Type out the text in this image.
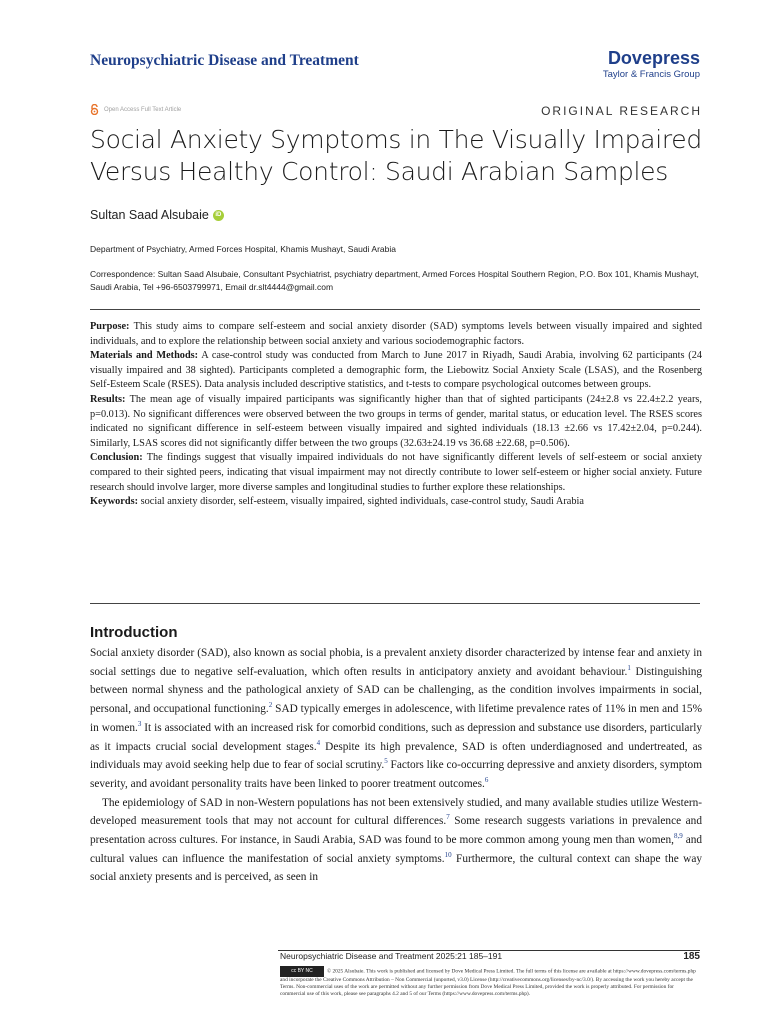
Neuropsychiatric Disease and Treatment	Dovepress
Taylor & Francis Group
Open Access Full Text Article	ORIGINAL RESEARCH
Social Anxiety Symptoms in The Visually Impaired Versus Healthy Control: Saudi Arabian Samples
Sultan Saad Alsubaie	iD
Department of Psychiatry, Armed Forces Hospital, Khamis Mushayt, Saudi Arabia
Correspondence: Sultan Saad Alsubaie, Consultant Psychiatrist, psychiatry department, Armed Forces Hospital Southern Region, P.O. Box 101, Khamis Mushayt, Saudi Arabia, Tel +96-6503799971, Email dr.slt4444@gmail.com

Purpose: This study aims to compare self-esteem and social anxiety disorder (SAD) symptoms levels between visually impaired and sighted individuals, and to explore the relationship between social anxiety and various sociodemographic factors.

Materials and Methods: A case-control study was conducted from March to June 2017 in Riyadh, Saudi Arabia, involving 62 participants (24 visually impaired and 38 sighted). Participants completed a demographic form, the Liebowitz Social Anxiety Scale (LSAS), and the Rosenberg Self-Esteem Scale (RSES). Data analysis included descriptive statistics, and t-tests to compare psychological outcomes between groups.

Results: The mean age of visually impaired participants was significantly higher than that of sighted participants (24±2.8 vs 22.4±2.2 years, p=0.013). No significant differences were observed between the two groups in terms of gender, marital status, or education level. The RSES scores indicated no significant difference in self-esteem between visually impaired and sighted individuals (18.13 ±2.66 vs 17.42±2.04, p=0.244). Similarly, LSAS scores did not significantly differ between the two groups (32.63±24.19 vs 36.68 ±22.68, p=0.506).

Conclusion: The findings suggest that visually impaired individuals do not have significantly different levels of self-esteem or social anxiety compared to their sighted peers, indicating that visual impairment may not directly contribute to lower self-esteem or higher social anxiety. Future research should involve larger, more diverse samples and longitudinal studies to further explore these relationships.

Keywords: social anxiety disorder, self-esteem, visually impaired, sighted individuals, case-control study, Saudi Arabia

Introduction

Social anxiety disorder (SAD), also known as social phobia, is a prevalent anxiety disorder characterized by intense fear and anxiety in social settings due to negative self-evaluation, which often results in anticipatory anxiety and avoidant behaviour.$^1$ Distinguishing between normal shyness and the pathological anxiety of SAD can be challenging, as the condition involves impairments in social, personal, and occupational functioning.$^2$ SAD typically emerges in adolescence, with lifetime prevalence rates of 11% in men and 15% in women.$^3$ It is associated with an increased risk for comorbid conditions, such as depression and substance use disorders, particularly as it impacts crucial social development stages.$^4$ Despite its high prevalence, SAD is often underdiagnosed and undertreated, as individuals may avoid seeking help due to fear of social scrutiny.$^5$ Factors like co-occurring depressive and anxiety disorders, symptom severity, and avoidant personality traits have been linked to poorer treatment outcomes.$^6$

The epidemiology of SAD in non-Western populations has not been extensively studied, and many available studies utilize Western-developed measurement tools that may not account for cultural differences.$^7$ Some research suggests variations in prevalence and presentation across cultures. For instance, in Saudi Arabia, SAD was found to be more common among young men than women,$^{8,9}$ and cultural values can influence the manifestation of social anxiety symptoms.$^{10}$ Furthermore, the cultural context can shape the way social anxiety presents and is perceived, as seen in

Neuropsychiatric Disease and Treatment 2025:21 185–191	185
cc BY NC	© 2025 Alsubaie. This work is published and licensed by Dove Medical Press Limited. The full terms of this license are available at https://www.dovepress.com/terms.php and incorporate the Creative Commons Attribution – Non Commercial (unported, v3.0) License (http://creativecommons.org/licenses/by-nc/3.0/). By accessing the work you hereby accept the Terms. Non-commercial uses of the work are permitted without any further permission from Dove Medical Press Limited, provided the work is properly attributed. For permission for commercial use of this work, please see paragraphs 4.2 and 5 of our Terms (https://www.dovepress.com/terms.php).
